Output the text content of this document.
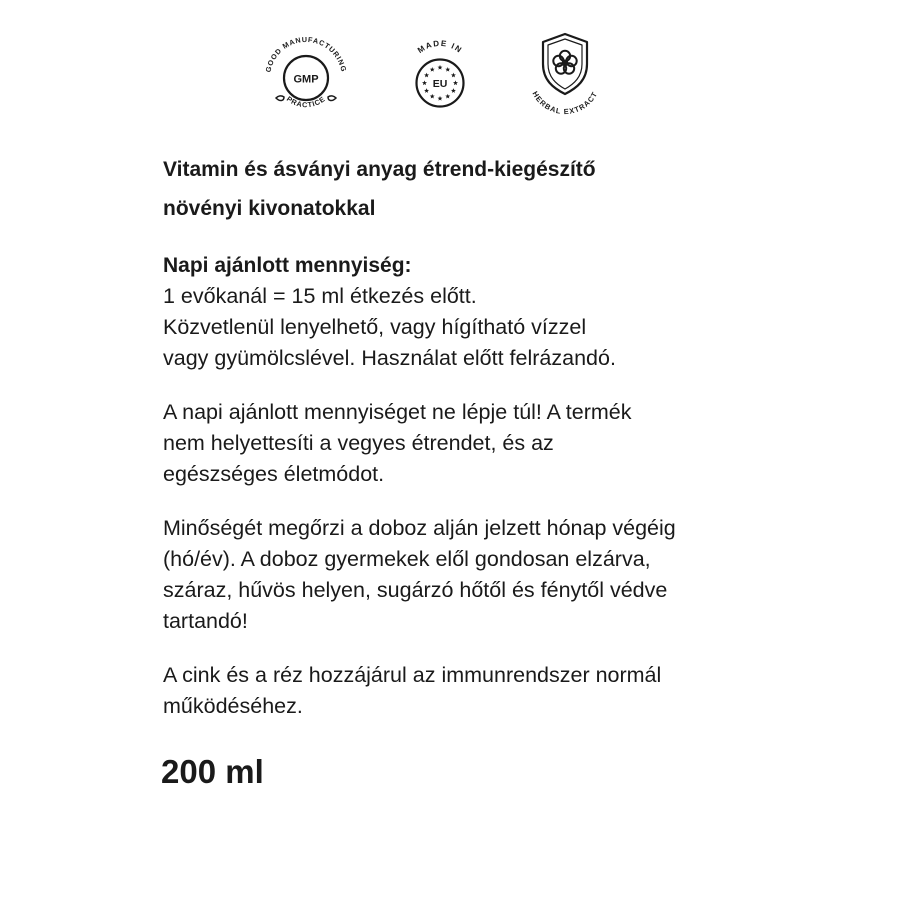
GMP
GOOD MANUFACTURING
PRACTICE
MADE IN
EU
HERBAL EXTRACT
Vitamin és ásványi anyag étrend-kiegészítő
növényi kivonatokkal

Napi ajánlott mennyiség:

1 evőkanál = 15 ml étkezés előtt.
Közvetlenül lenyelhető, vagy hígítható vízzel
vagy gyümölcslével. Használat előtt felrázandó.

A napi ajánlott mennyiséget ne lépje túl! A termék
nem helyettesíti a vegyes étrendet, és az
egészséges életmódot.

Minőségét megőrzi a doboz alján jelzett hónap végéig
(hó/év). A doboz gyermekek elől gondosan elzárva,
száraz, hűvös helyen, sugárzó hőtől és fénytől védve
tartandó!

A cink és a réz hozzájárul az immunrendszer normál
működéséhez.

200 ml
